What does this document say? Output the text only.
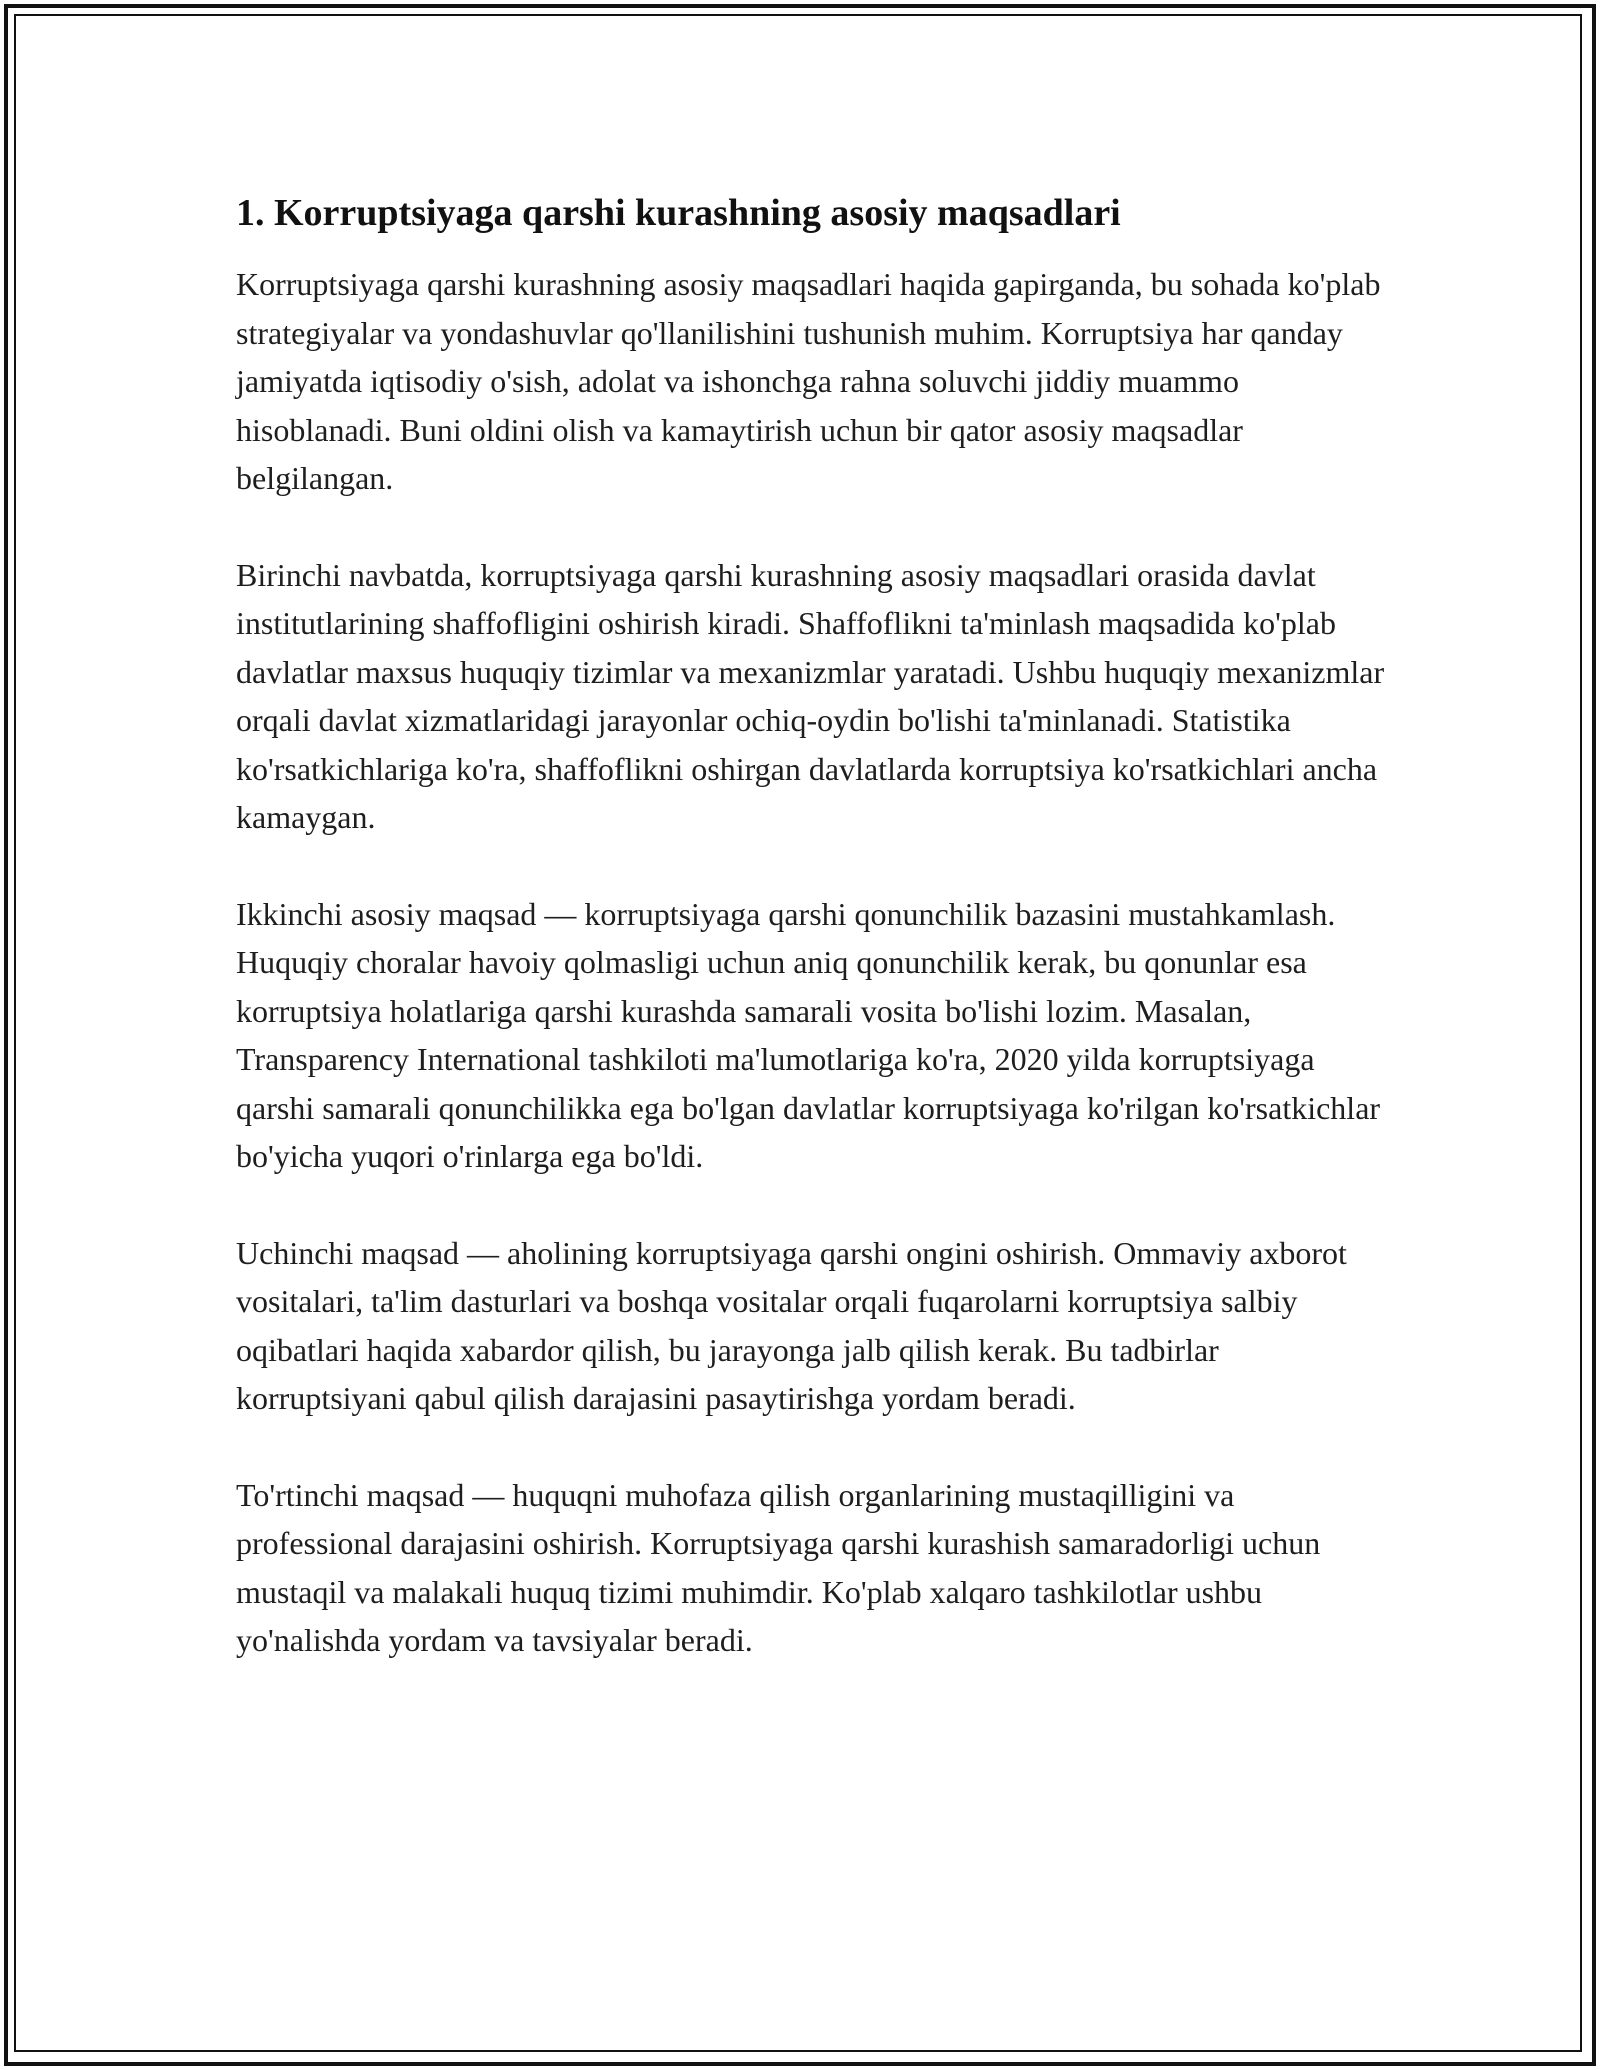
1. Korruptsiyaga qarshi kurashning asosiy maqsadlari

Korruptsiyaga qarshi kurashning asosiy maqsadlari haqida gapirganda, bu sohada ko'plab strategiyalar va yondashuvlar qo'llanilishini tushunish muhim. Korruptsiya har qanday jamiyatda iqtisodiy o'sish, adolat va ishonchga rahna soluvchi jiddiy muammo hisoblanadi. Buni oldini olish va kamaytirish uchun bir qator asosiy maqsadlar belgilangan.

Birinchi navbatda, korruptsiyaga qarshi kurashning asosiy maqsadlari orasida davlat institutlarining shaffofligini oshirish kiradi. Shaffoflikni ta'minlash maqsadida ko'plab davlatlar maxsus huquqiy tizimlar va mexanizmlar yaratadi. Ushbu huquqiy mexanizmlar orqali davlat xizmatlaridagi jarayonlar ochiq-oydin bo'lishi ta'minlanadi. Statistika ko'rsatkichlariga ko'ra, shaffoflikni oshirgan davlatlarda korruptsiya ko'rsatkichlari ancha kamaygan.

Ikkinchi asosiy maqsad — korruptsiyaga qarshi qonunchilik bazasini mustahkamlash. Huquqiy choralar havoiy qolmasligi uchun aniq qonunchilik kerak, bu qonunlar esa korruptsiya holatlariga qarshi kurashda samarali vosita bo'lishi lozim. Masalan, Transparency International tashkiloti ma'lumotlariga ko'ra, 2020 yilda korruptsiyaga qarshi samarali qonunchilikka ega bo'lgan davlatlar korruptsiyaga ko'rilgan ko'rsatkichlar bo'yicha yuqori o'rinlarga ega bo'ldi.

Uchinchi maqsad — aholining korruptsiyaga qarshi ongini oshirish. Ommaviy axborot vositalari, ta'lim dasturlari va boshqa vositalar orqali fuqarolarni korruptsiya salbiy oqibatlari haqida xabardor qilish, bu jarayonga jalb qilish kerak. Bu tadbirlar korruptsiyani qabul qilish darajasini pasaytirishga yordam beradi.

To'rtinchi maqsad — huquqni muhofaza qilish organlarining mustaqilligini va professional darajasini oshirish. Korruptsiyaga qarshi kurashish samaradorligi uchun mustaqil va malakali huquq tizimi muhimdir. Ko'plab xalqaro tashkilotlar ushbu yo'nalishda yordam va tavsiyalar beradi.
